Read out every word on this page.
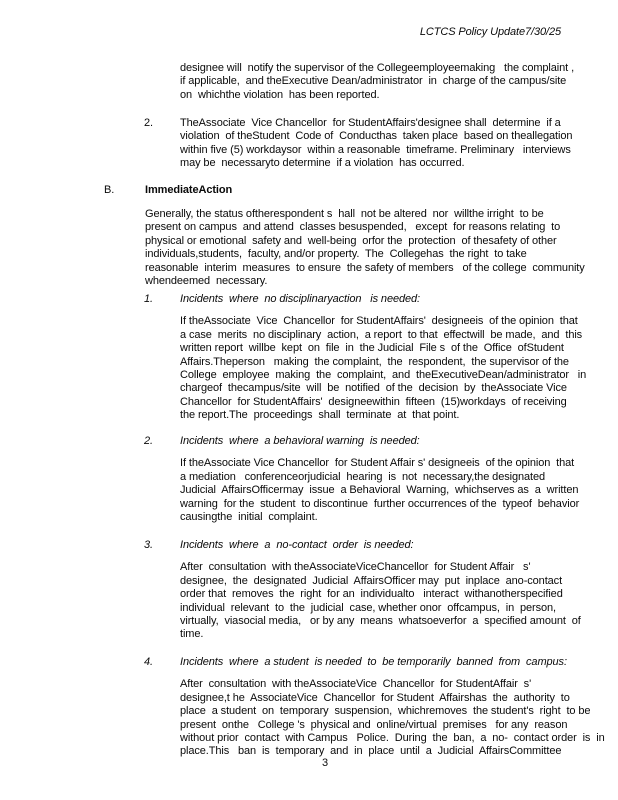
LCTCS Policy Update7/30/25
designee will  notify the supervisor of the Collegeemployeemaking   the complaint ,
if applicable,  and theExecutive Dean/administrator  in  charge of the campus/site
on  whichthe violation  has been reported.
2.	TheAssociate  Vice Chancellor  for StudentAffairs'designee shall  determine  if a
violation  of theStudent  Code of  Conducthas  taken place  based on theallegation
within five (5) workdaysor  within a reasonable  timeframe. Preliminary   interviews
may be  necessaryto determine  if a violation  has occurred.
B.	ImmediateAction
Generally, the status oftherespondent s  hall  not be altered  nor  willthe irright  to be
present on campus  and attend  classes besuspended,   except  for reasons relating  to
physical or emotional  safety and  well-being  orfor the  protection  of thesafety of other
individuals,students,  faculty, and/or property.  The  Collegehas  the right  to take
reasonable  interim  measures  to ensure  the safety of members   of the college  community
whendeemed  necessary.
1.	Incidents  where  no disciplinaryaction   is needed:
If theAssociate  Vice  Chancellor  for StudentAffairs'  designeeis  of the opinion  that
a case  merits  no disciplinary  action,  a report  to that  effectwill  be made,  and  this
written report  willbe  kept  on  file  in  the Judicial  File s  of the  Office  ofStudent
Affairs.Theperson   making  the complaint,  the  respondent,  the supervisor of the
College  employee  making  the  complaint,  and  theExecutiveDean/administrator   in
chargeof  thecampus/site  will  be  notified  of the  decision  by  theAssociate Vice
Chancellor  for StudentAffairs'  designeewithin  fifteen  (15)workdays  of receiving
the report.The  proceedings  shall  terminate  at  that point.
2.	Incidents  where  a behavioral warning  is needed:
If theAssociate Vice Chancellor  for Student Affair s' designeeis  of the opinion  that
a mediation   conferenceorjudicial  hearing  is  not  necessary,the designated
Judicial  AffairsOfficermay  issue  a Behavioral  Warning,  whichserves as  a  written
warning  for the  student  to discontinue  further occurrences of the  typeof  behavior
causingthe  initial  complaint.
3.	Incidents  where  a  no-contact  order  is needed:
After  consultation  with theAssociateViceChancellor  for Student Affair   s'
designee,  the  designated  Judicial  AffairsOfficer may  put  inplace  ano-contact
order that  removes  the  right  for an  individualto   interact  withanotherspecified
individual  relevant  to  the  judicial  case, whether onor  offcampus,  in  person,
virtually,  viasocial media,   or by any  means  whatsoeverfor  a  specified amount  of
time.
4.	Incidents  where  a student  is needed  to  be temporarily  banned  from  campus:
After  consultation  with theAssociateVice  Chancellor  for StudentAffair  s'
designee,t he  AssociateVice  Chancellor  for Student  Affairshas  the  authority  to
place  a student  on  temporary  suspension,  whichremoves  the student's  right  to be
present  onthe   College 's  physical and  online/virtual  premises   for any  reason
without prior  contact  with Campus   Police.  During  the  ban,  a  no-  contact order  is  in
place.This   ban  is  temporary  and  in  place  until  a  Judicial  AffairsCommittee
3
